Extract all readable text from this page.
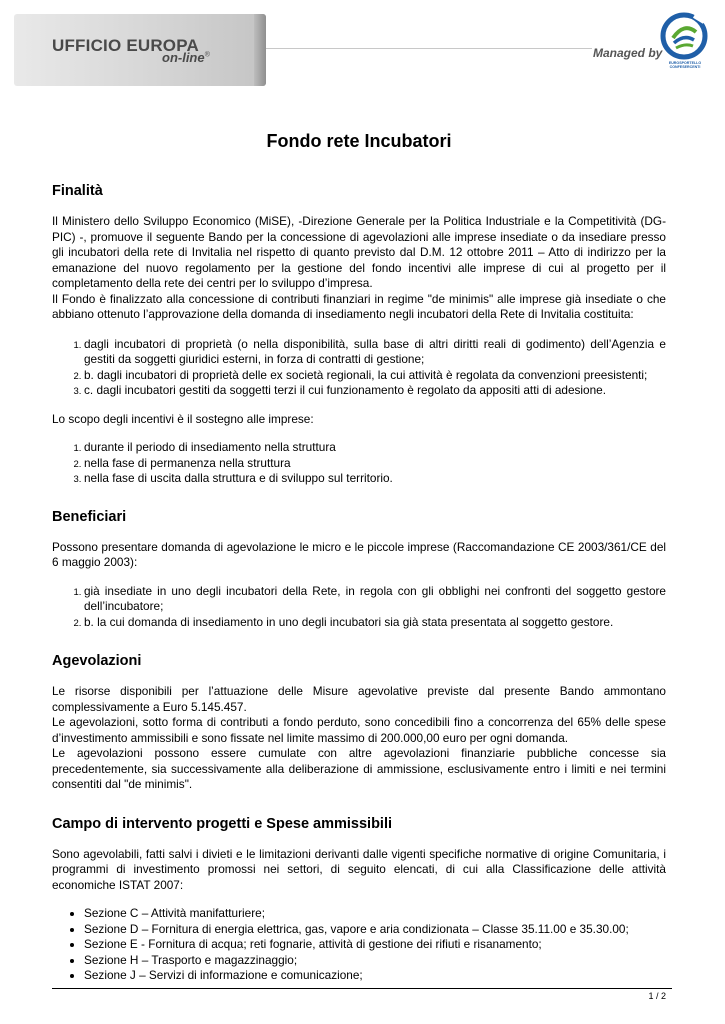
UFFICIO EUROPA
on-line®	Managed by
EUROSPORTELLO
CONFESERCENTI
Fondo rete Incubatori
Finalità

Il Ministero dello Sviluppo Economico (MiSE), -Direzione Generale per la Politica Industriale e la Competitività (DG-PIC) -, promuove il seguente Bando per la concessione di agevolazioni alle imprese insediate o da insediare presso gli incubatori della rete di Invitalia nel rispetto di quanto previsto dal D.M. 12 ottobre 2011 – Atto di indirizzo per la emanazione del nuovo regolamento per la gestione del fondo incentivi alle imprese di cui al progetto per il completamento della rete dei centri per lo sviluppo d’impresa.

Il Fondo è finalizzato alla concessione di contributi finanziari in regime "de minimis" alle imprese già insediate o che abbiano ottenuto l’approvazione della domanda di insediamento negli incubatori della Rete di Invitalia costituita:

1. dagli incubatori di proprietà (o nella disponibilità, sulla base di altri diritti reali di godimento) dell’Agenzia e gestiti da soggetti giuridici esterni, in forza di contratti di gestione;
2. b. dagli incubatori di proprietà delle ex società regionali, la cui attività è regolata da convenzioni preesistenti;
3. c. dagli incubatori gestiti da soggetti terzi il cui funzionamento è regolato da appositi atti di adesione.

Lo scopo degli incentivi è il sostegno alle imprese:

1. durante il periodo di insediamento nella struttura
2. nella fase di permanenza nella struttura
3. nella fase di uscita dalla struttura e di sviluppo sul territorio.
Beneficiari

Possono presentare domanda di agevolazione le micro e le piccole imprese (Raccomandazione CE 2003/361/CE del 6 maggio 2003):

1. già insediate in uno degli incubatori della Rete, in regola con gli obblighi nei confronti del soggetto gestore dell’incubatore;
2. b. la cui domanda di insediamento in uno degli incubatori sia già stata presentata al soggetto gestore.
Agevolazioni

Le risorse disponibili per l’attuazione delle Misure agevolative previste dal presente Bando ammontano complessivamente a Euro 5.145.457.

Le agevolazioni, sotto forma di contributi a fondo perduto, sono concedibili fino a concorrenza del 65% delle spese d’investimento ammissibili e sono fissate nel limite massimo di 200.000,00 euro per ogni domanda.

Le agevolazioni possono essere cumulate con altre agevolazioni finanziarie pubbliche concesse sia precedentemente, sia successivamente alla deliberazione di ammissione, esclusivamente entro i limiti e nei termini consentiti dal "de minimis".

Campo di intervento progetti e Spese ammissibili

Sono agevolabili, fatti salvi i divieti e le limitazioni derivanti dalle vigenti specifiche normative di origine Comunitaria, i programmi di investimento promossi nei settori, di seguito elencati, di cui alla Classificazione delle attività economiche ISTAT 2007:

• Sezione C – Attività manifatturiere;
• Sezione D – Fornitura di energia elettrica, gas, vapore e aria condizionata – Classe 35.11.00 e 35.30.00;
• Sezione E - Fornitura di acqua; reti fognarie, attività di gestione dei rifiuti e risanamento;
• Sezione H – Trasporto e magazzinaggio;
• Sezione J – Servizi di informazione e comunicazione;
1 / 2
